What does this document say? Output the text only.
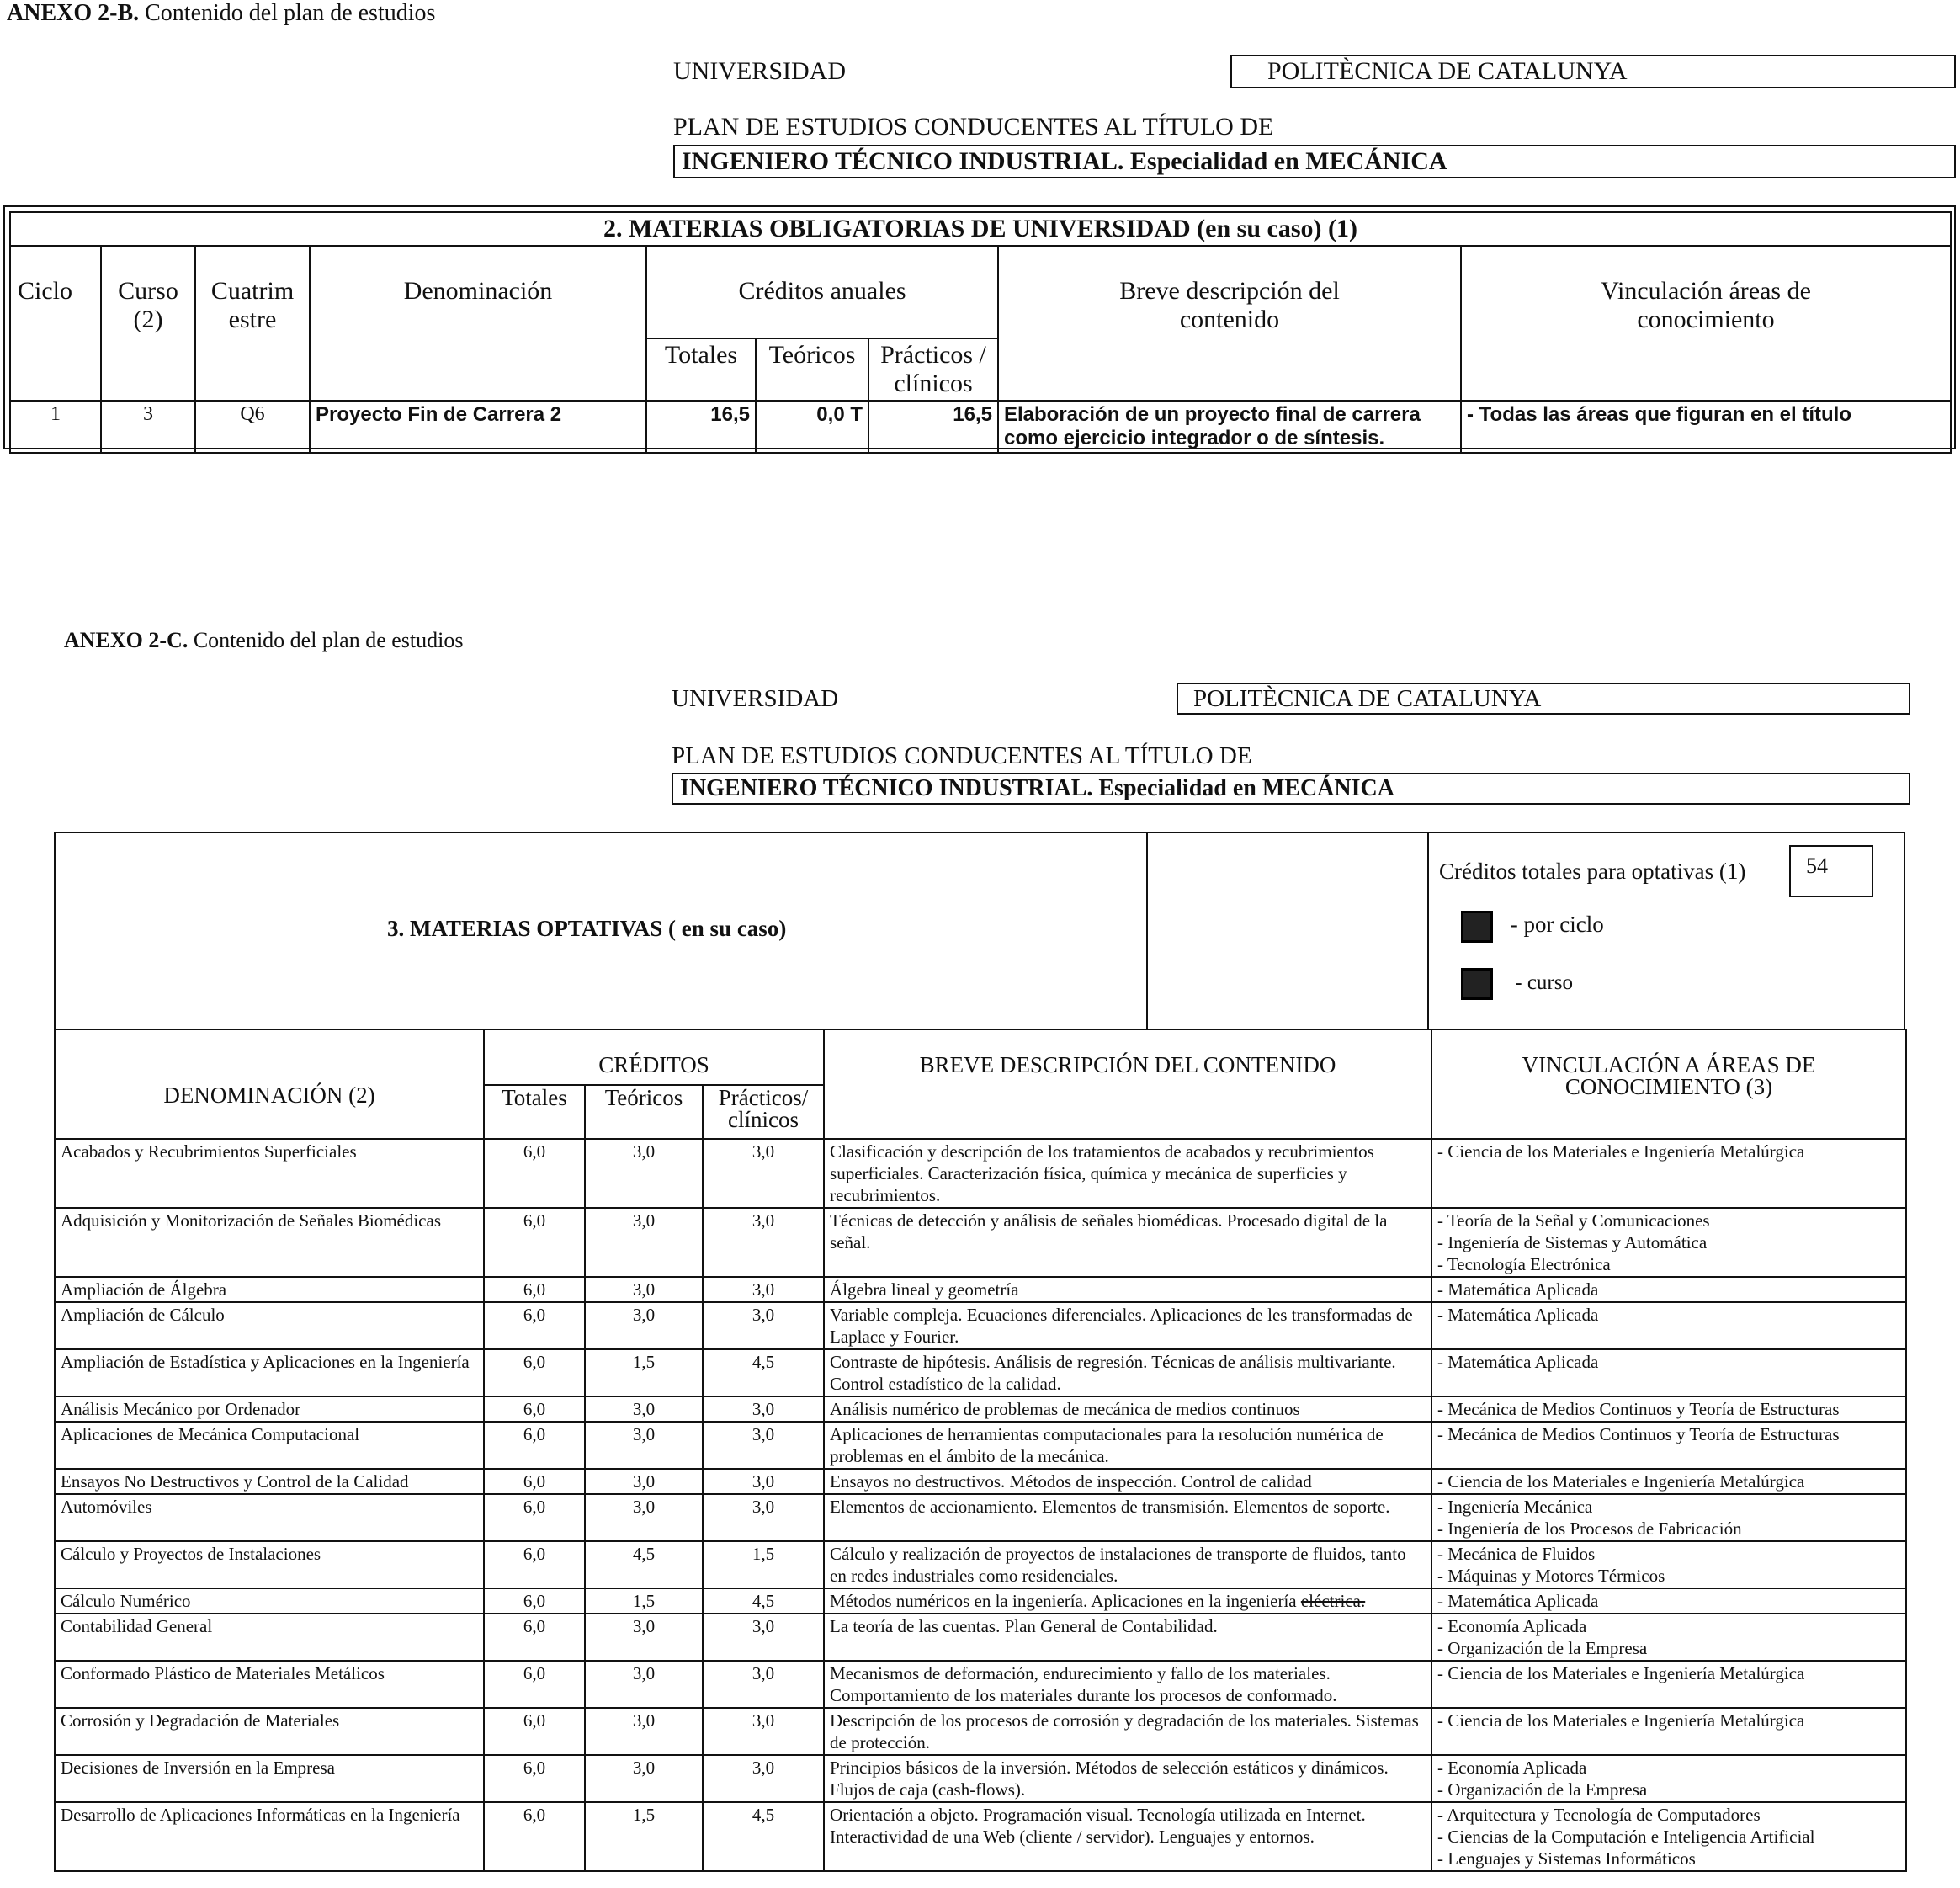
ANEXO 2-B. Contenido del plan de estudios
UNIVERSIDAD	POLITÈCNICA DE CATALUNYA
PLAN DE ESTUDIOS CONDUCENTES AL TÍTULO DE
INGENIERO TÉCNICO INDUSTRIAL. Especialidad en MECÁNICA
2. MATERIAS OBLIGATORIAS DE UNIVERSIDAD (en su caso) (1)								
Ciclo	Curso (2)	Cuatrim estre	Denominación	Créditos anuales			Breve descripción del contenido	Vinculación áreas de conocimiento
				Totales	Teóricos	Prácticos / clínicos		
1	3	Q6	Proyecto Fin de Carrera 2	16,5	0,0 T	16,5	Elaboración de un proyecto final de carrera como ejercicio integrador o de síntesis.	- Todas las áreas que figuran en el título
ANEXO 2-C. Contenido del plan de estudios
UNIVERSIDAD	POLITÈCNICA DE CATALUNYA
PLAN DE ESTUDIOS CONDUCENTES AL TÍTULO DE
INGENIERO TÉCNICO INDUSTRIAL. Especialidad en MECÁNICA
3. MATERIAS OPTATIVAS ( en su caso)
Créditos totales para optativas (1)	54
- por ciclo
- curso
DENOMINACIÓN (2)	CRÉDITOS			BREVE DESCRIPCIÓN DEL CONTENIDO	VINCULACIÓN A ÁREAS DE CONOCIMIENTO (3)
	Totales	Teóricos	Prácticos/ clínicos		
Acabados y Recubrimientos Superficiales	6,0	3,0	3,0	Clasificación y descripción de los tratamientos de acabados y recubrimientos superficiales. Caracterización física, química y mecánica de superficies y recubrimientos.	- Ciencia de los Materiales e Ingeniería Metalúrgica

Adquisición y Monitorización de Señales Biomédicas	6,0	3,0	3,0	Técnicas de detección y análisis de señales biomédicas. Procesado digital de la señal.	- Teoría de la Señal y Comunicaciones
- Ingeniería de Sistemas y Automática
- Tecnología Electrónica

Ampliación de Álgebra	6,0	3,0	3,0	Álgebra lineal y geometría	- Matemática Aplicada

Ampliación de Cálculo	6,0	3,0	3,0	Variable compleja. Ecuaciones diferenciales. Aplicaciones de les transformadas de Laplace y Fourier.	- Matemática Aplicada

Ampliación de Estadística y Aplicaciones en la Ingeniería	6,0	1,5	4,5	Contraste de hipótesis. Análisis de regresión. Técnicas de análisis multivariante. Control estadístico de la calidad.	- Matemática Aplicada

Análisis Mecánico por Ordenador	6,0	3,0	3,0	Análisis numérico de problemas de mecánica de medios continuos	- Mecánica de Medios Continuos y Teoría de Estructuras

Aplicaciones de Mecánica Computacional	6,0	3,0	3,0	Aplicaciones de herramientas computacionales para la resolución numérica de problemas en el ámbito de la mecánica.	- Mecánica de Medios Continuos y Teoría de Estructuras

Ensayos No Destructivos y Control de la Calidad	6,0	3,0	3,0	Ensayos no destructivos. Métodos de inspección. Control de calidad	- Ciencia de los Materiales e Ingeniería Metalúrgica

Automóviles	6,0	3,0	3,0	Elementos de accionamiento. Elementos de transmisión. Elementos de soporte.	- Ingeniería Mecánica
- Ingeniería de los Procesos de Fabricación

Cálculo y Proyectos de Instalaciones	6,0	4,5	1,5	Cálculo y realización de proyectos de instalaciones de transporte de fluidos, tanto en redes industriales como residenciales.	- Mecánica de Fluidos
- Máquinas y Motores Térmicos

Cálculo Numérico	6,0	1,5	4,5	Métodos numéricos en la ingeniería. Aplicaciones en la ingeniería eléctrica.	- Matemática Aplicada

Contabilidad General	6,0	3,0	3,0	La teoría de las cuentas. Plan General de Contabilidad.	- Economía Aplicada
- Organización de la Empresa

Conformado Plástico de Materiales Metálicos	6,0	3,0	3,0	Mecanismos de deformación, endurecimiento y fallo de los materiales. Comportamiento de los materiales durante los procesos de conformado.	- Ciencia de los Materiales e Ingeniería Metalúrgica

Corrosión y Degradación de Materiales	6,0	3,0	3,0	Descripción de los procesos de corrosión y degradación de los materiales. Sistemas de protección.	- Ciencia de los Materiales e Ingeniería Metalúrgica

Decisiones de Inversión en la Empresa	6,0	3,0	3,0	Principios básicos de la inversión. Métodos de selección estáticos y dinámicos. Flujos de caja (cash-flows).	- Economía Aplicada
- Organización de la Empresa

Desarrollo de Aplicaciones Informáticas en la Ingeniería	6,0	1,5	4,5	Orientación a objeto. Programación visual. Tecnología utilizada en Internet. Interactividad de una Web (cliente / servidor). Lenguajes y entornos.	- Arquitectura y Tecnología de Computadores
- Ciencias de la Computación e Inteligencia Artificial
- Lenguajes y Sistemas Informáticos
